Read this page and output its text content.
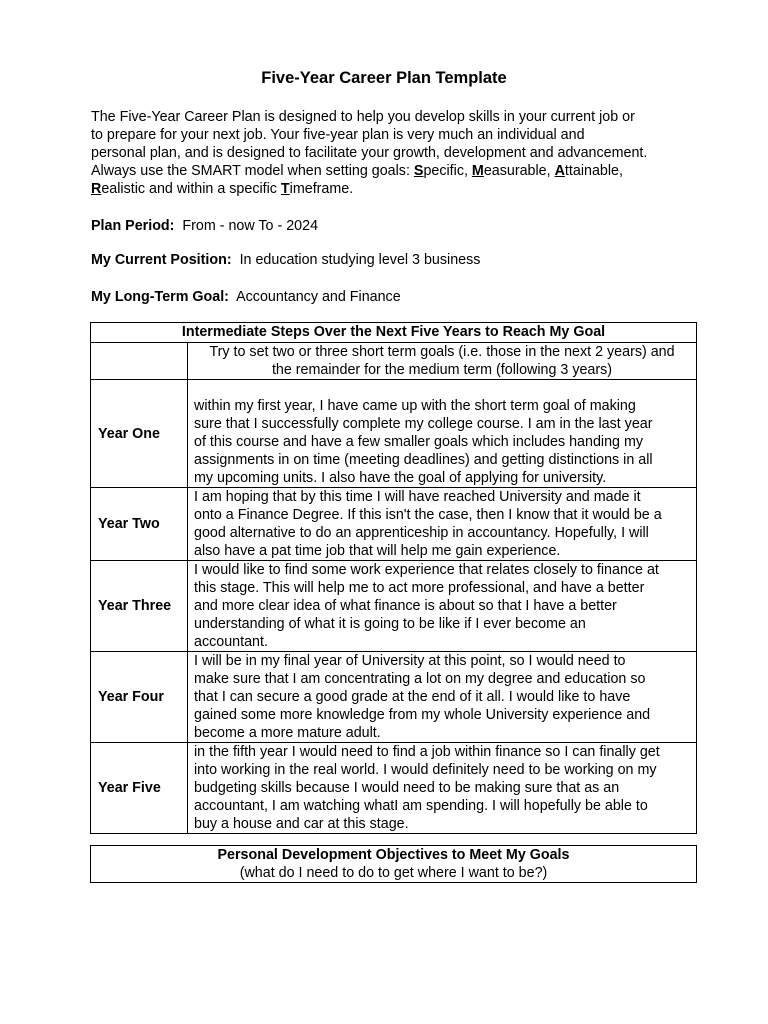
Five-Year Career Plan Template
The Five-Year Career Plan is designed to help you develop skills in your current job or
to prepare for your next job. Your five-year plan is very much an individual and
personal plan, and is designed to facilitate your growth, development and advancement.
Always use the SMART model when setting goals: Specific, Measurable, Attainable,
Realistic and within a specific Timeframe.
Plan Period: From - now To - 2024
My Current Position: In education studying level 3 business
My Long-Term Goal: Accountancy and Finance
Intermediate Steps Over the Next Five Years to Reach My Goal	

	Try to set two or three short term goals (i.e. those in the next 2 years) and
the remainder for the medium term (following 3 years)

Year One	within my first year, I have came up with the short term goal of making
sure that I successfully complete my college course. I am in the last year
of this course and have a few smaller goals which includes handing my
assignments in on time (meeting deadlines) and getting distinctions in all
my upcoming units. I also have the goal of applying for university.

Year Two	I am hoping that by this time I will have reached University and made it
onto a Finance Degree. If this isn't the case, then I know that it would be a
good alternative to do an apprenticeship in accountancy. Hopefully, I will
also have a pat time job that will help me gain experience.

Year Three	I would like to find some work experience that relates closely to finance at
this stage. This will help me to act more professional, and have a better
and more clear idea of what finance is about so that I have a better
understanding of what it is going to be like if I ever become an
accountant.

Year Four	I will be in my final year of University at this point, so I would need to
make sure that I am concentrating a lot on my degree and education so
that I can secure a good grade at the end of it all. I would like to have
gained some more knowledge from my whole University experience and
become a more mature adult.

Year Five	in the fifth year I would need to find a job within finance so I can finally get
into working in the real world. I would definitely need to be working on my
budgeting skills because I would need to be making sure that as an
accountant, I am watching whatI am spending. I will hopefully be able to
buy a house and car at this stage.
Personal Development Objectives to Meet My Goals
(what do I need to do to get where I want to be?)
